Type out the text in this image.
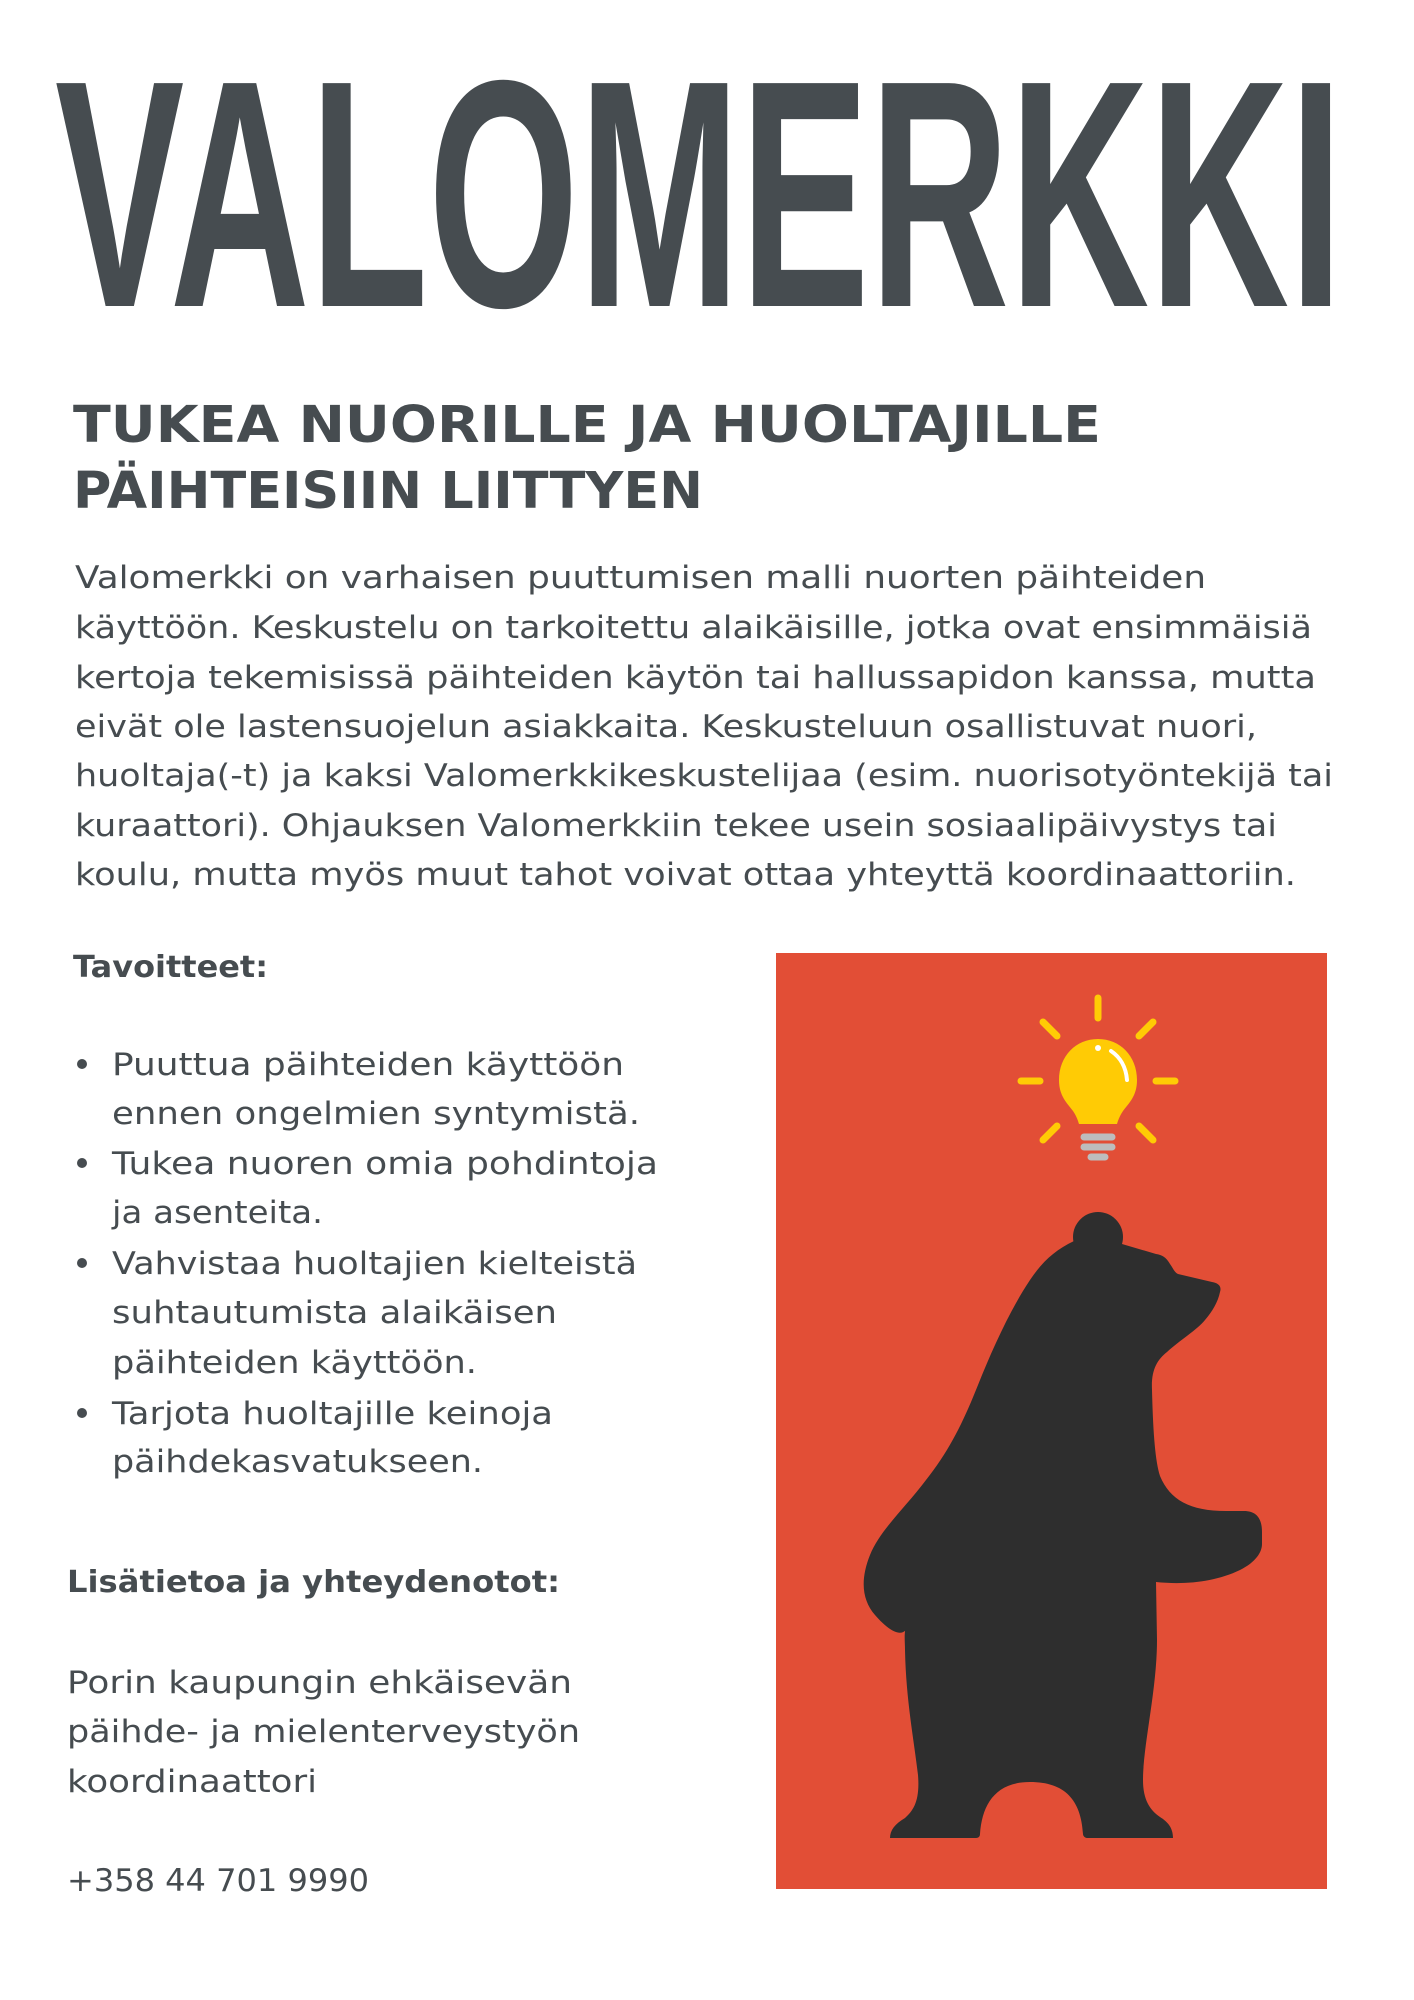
VALOMERKKI
TUKEA NUORILLE JA HUOLTAJILLE
PÄIHTEISIIN LIITTYEN
Valomerkki on varhaisen puuttumisen malli nuorten päihteiden
käyttöön. Keskustelu on tarkoitettu alaikäisille, jotka ovat ensimmäisiä
kertoja tekemisissä päihteiden käytön tai hallussapidon kanssa, mutta
eivät ole lastensuojelun asiakkaita. Keskusteluun osallistuvat nuori,
huoltaja(-t) ja kaksi Valomerkkikeskustelijaa (esim. nuorisotyöntekijä tai
kuraattori). Ohjauksen Valomerkkiin tekee usein sosiaalipäivystys tai
koulu, mutta myös muut tahot voivat ottaa yhteyttä koordinaattoriin.
Tavoitteet:
Puuttua päihteiden käyttöön
ennen ongelmien syntymistä.
Tukea nuoren omia pohdintoja
ja asenteita.
Vahvistaa huoltajien kielteistä
suhtautumista alaikäisen
päihteiden käyttöön.
Tarjota huoltajille keinoja
päihdekasvatukseen.
Lisätietoa ja yhteydenotot:
Porin kaupungin ehkäisevän
päihde- ja mielenterveystyön
koordinaattori
+358 44 701 9990
